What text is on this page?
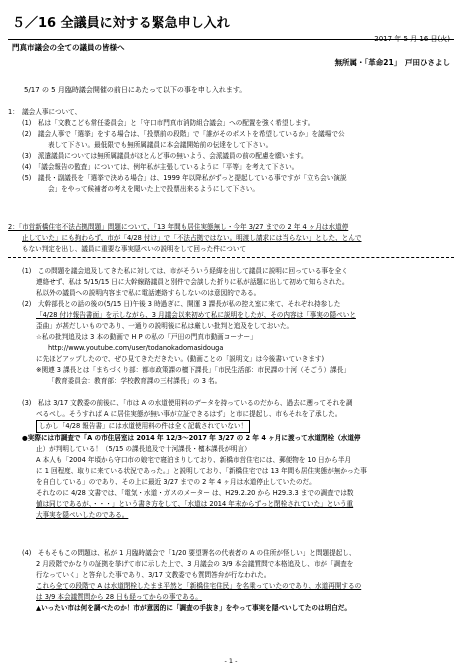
５／16 全議員に対する緊急申し入れ
2017 年 5 月 16 日(火)
門真市議会の全ての議員の皆様へ
無所属・「革命21」　戸田ひさよし
5/17 の 5 月臨時議会開催の前日にあたって以下の事を申し入れます。

1：　議会人事について、

(1)　私は「文教こども常任委員会」と「守口市門真市消防組合議会」への配置を強く希望します。

(2)　議会人事で「選挙」をする場合は、「投票前の段階」で「誰がそのポストを希望しているか」を議場で公

表して下さい。最低限でも無所属議員に本会議開始前の伝達をして下さい。

(3)　派遣議員については無所属議員がほとんど事の無いよう、会派議員の前の配慮を願います。

(4)　「議会報告の監査」については、例年私が主張しているように「平等」を考えて下さい。

(5)　議長・副議長を「選挙で決める場合」は、1999 年以降私がずっと提起している事ですが「立ち会い演説

会」をやって候補者の考えを聞いた上で投票出来るようにして下さい。

2：「市営新橋住宅不法占拠問題」問題について、「13 年間も居住実態無し・今年 3/27 までの 2 年 4 ヶ月は水道停

止していた」にも拘わらず、市が「4/28 付け」で「不法占拠ではない。明渡し請求には当らない」とした、とんで

もない判定を出し、議員に重要な事実隠ぺいの説明をして回った件について

(1)　この問題を議会追及してきた私に対しては、市がそういう経緯を出して議員に説明に回っている事を全く

連絡せず、私は 5/15/15 日に大幹線路議員と別件で会談した折りに私が話題に出して初めて知らされた。

私以外の議員への説明内容まで私に電話連絡すらしないのは意図的である。

(2)　大幹部長との話の後の(5/15 日)午後 3 時過ぎに、開運 3 課長が私の控え室に来て、それぞれ持参した

「4/28 付け報告書面」を示しながら、3 月議会以来初めて私に説明をしたが、その内容は「事実の隠ぺいと

歪曲」が甚だしいものであり、一通りの説明後に私は厳しい批判と追及をしておいた。

☆私の批判追及は 3 本の動画で H P の私の「戸田の門真市動画コーナー」

http://www.youtube.com/user/todanokadomasidouga

に先ほどアップしたので、ぜひ見てきただきたい。(動画ことの「説明文」は今後書いていきます)

※関連 3 課長とは「まちづくり部：都市政策課の檀下課長」「市民生活部：市民課の十河（そごう）課長」

「教育委員会：教育部：学校教育課の三村課長」の 3 名。

(3)　私は 3/17 文教委の前後に、「市は A の水道使用料のデータを持っているのだから、過去に遡ってそれを調

べるべし。そうすれば A に居住実態が無い事が立証できるはず」と市に提起し、市もそれを了承した。

しかし「4/28 報告書」には水道使用料の件は全く記載されていない！

●実際には市調査で「A の市住居室は 2014 年 12/3～2017 年 3/27 の 2 年 4 ヶ月に渡って水道閉栓（水道停

止）が判明している！（5/15 の課長追及で十河課長・檀本課長が明言）

A 本人も「2004 年頃から守口市の娘宅で寝泊まりしており、新橋市営住宅には、郵便物を 10 日から半月

に 1 回程度、取りに来ている状況であった。」と説明しており、「新橋住宅では 13 年間も居住実態が無かった事

を自白している」のであり、その上に最近 3/27 までの 2 年 4 ヶ月は水道停止していたのだ。

それなのに 4/28 文書では、「電気・水道・ガスのメーター は、H29.2.20 から H29.3.3 までの調査では数

値は同じであるが、・・・」という書き方をして、「水道は 2014 年末からずっと閉栓されていた」という重

大事実を隠ぺいしたのである。

(4)　そもそもこの問題は、私が 1 月臨時議会で「1/20 要望署名の代表者の A の住所が怪しい」と問題提起し、

2 月段階でかなりの証拠を挙げて市に示した上で、3 月議会の 3/9 本会議質問で本格追及し、市が「調査を

行なっていく」と答弁した事であり、3/17 文教委でも質問答弁が行なわれた。

これら全ての段階で A は水道閉栓したまま平然と「新橋住宅住民」を名乗っていたのであり、水道再開するの

は 3/9 本会議質問から 28 日も経ってからの事である。

▲いったい市は何を調べたのか！市が意図的に「調査の手抜き」をやって事実を隠ぺいしてたのは明白だ。

- 1 -
